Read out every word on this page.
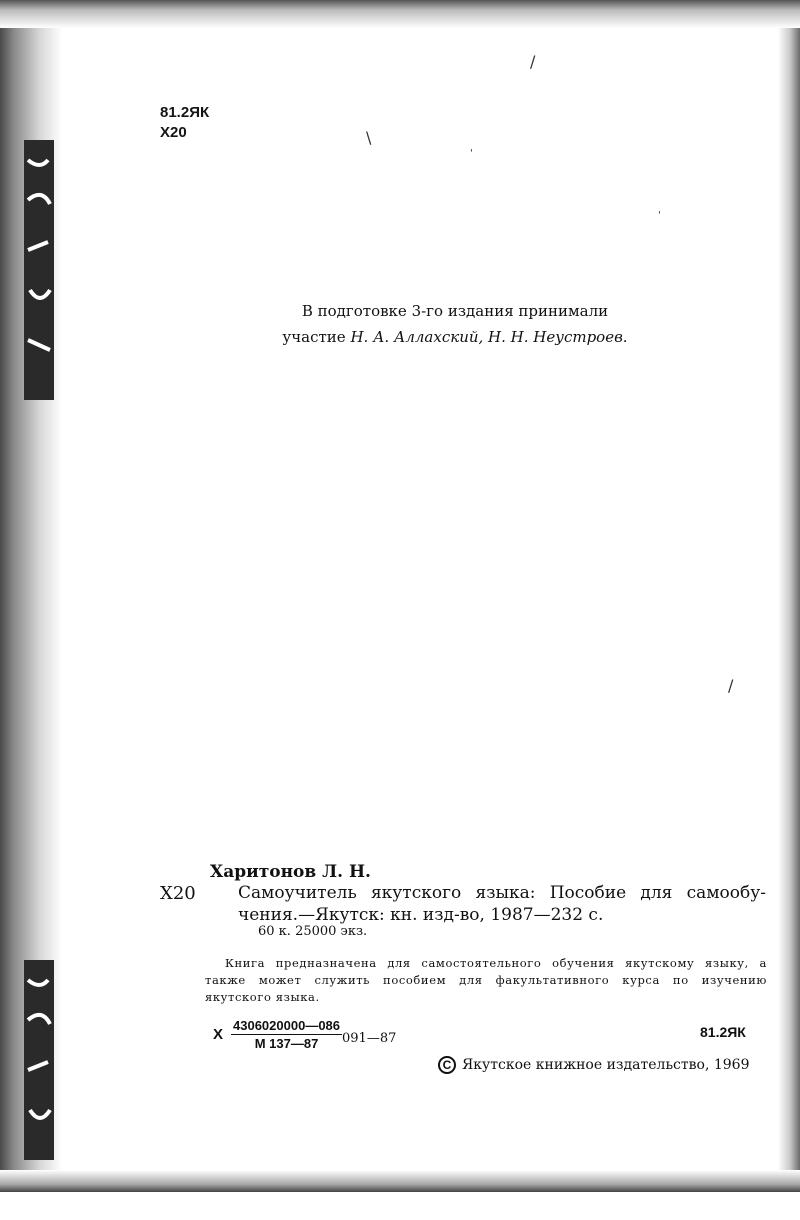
81.2ЯК
Х20
В подготовке 3-го издания принимали
участие Н. А. Аллахский, Н. Н. Неустроев.
Харитонов Л. Н.
Х20 Самоучитель якутского языка: Пособие для самообу-
чения.—Якутск: кн. изд-во, 1987—232 с.
60 к. 25000 экз.
Книга предназначена для самостоятельного обучения якутскому языку, а также может служить пособием для факультативного курса по изучению якутского языка.
Х $\frac{4306020000—086}{М 137—87}$ 091—87	81.2ЯК
C Якутское книжное издательство, 1969
/
\
'
'
/
